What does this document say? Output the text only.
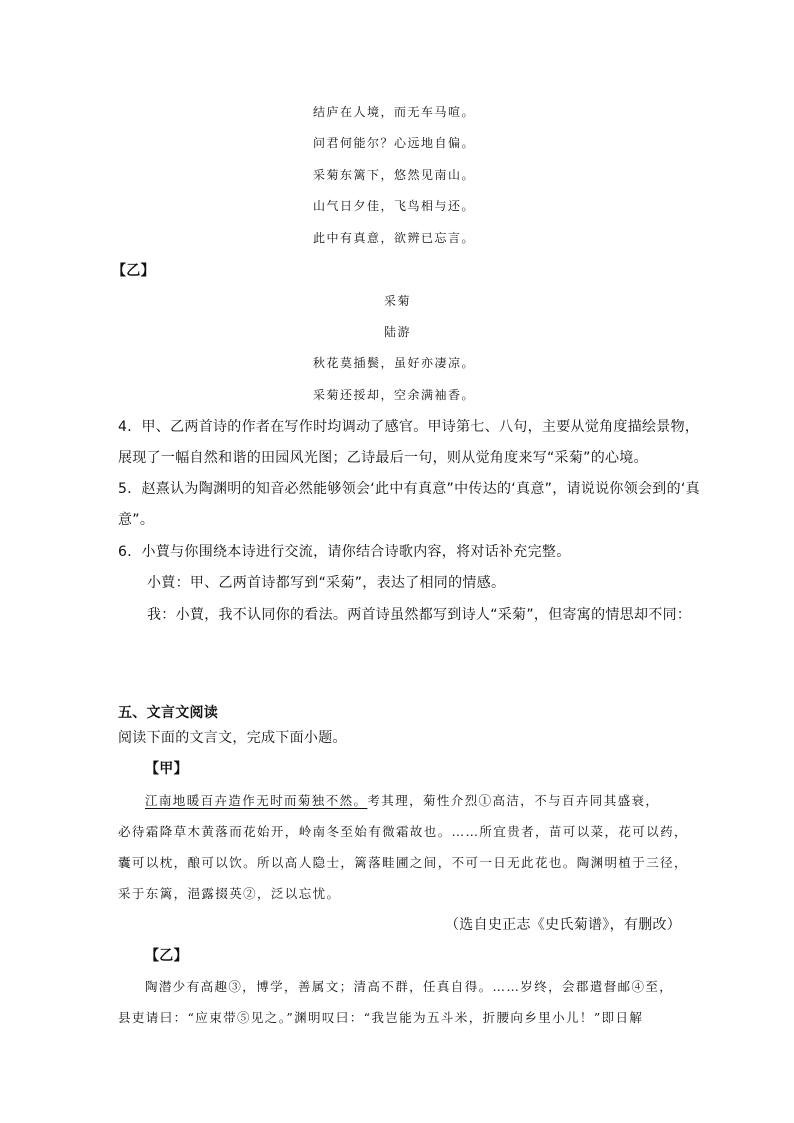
结庐在人境，而无车马喧。
问君何能尔？心远地自偏。
采菊东篱下，悠然见南山。
山气日夕佳，飞鸟相与还。
此中有真意，欲辨已忘言。
【乙】
采菊
陆游
秋花莫插鬓，虽好亦凄凉。
采菊还挼却，空余满袖香。
4．甲、乙两首诗的作者在写作时均调动了感官。甲诗第七、八句，主要从觉角度描绘景物，
展现了一幅自然和谐的田园风光图；乙诗最后一句，则从觉角度来写“采菊”的心境。
5．赵熹认为陶渊明的知音必然能够领会‘此中有真意”中传达的‘真意”，请说说你领会到的‘真
意”。
6．小蕒与你围绕本诗进行交流，请你结合诗歌内容，将对话补充完整。
小蕒：甲、乙两首诗都写到“采菊”，表达了相同的情感。
我：小蕒，我不认同你的看法。两首诗虽然都写到诗人“采菊”，但寄寓的情思却不同：
五、文言文阅读
阅读下面的文言文，完成下面小题。
【甲】
江南地暖百卉造作无时而菊独不然。考其理，菊性介烈①高洁，不与百卉同其盛衰，
必待霜降草木黄落而花始开，岭南冬至始有微霜故也。……所宜贵者，苗可以菜，花可以药，
囊可以枕，酿可以饮。所以高人隐士，篱落畦圃之间，不可一日无此花也。陶渊明植于三径，
采于东篱，浥露掇英②，泛以忘忧。
（选自史正志《史氏菊谱》，有删改）
【乙】
陶潜少有高趣③，博学，善属文；清高不群，任真自得。……岁终，会郡遣督邮④至，
县吏请曰：“应束带⑤见之。”渊明叹曰：“我岂能为五斗米，折腰向乡里小儿！”即日解
